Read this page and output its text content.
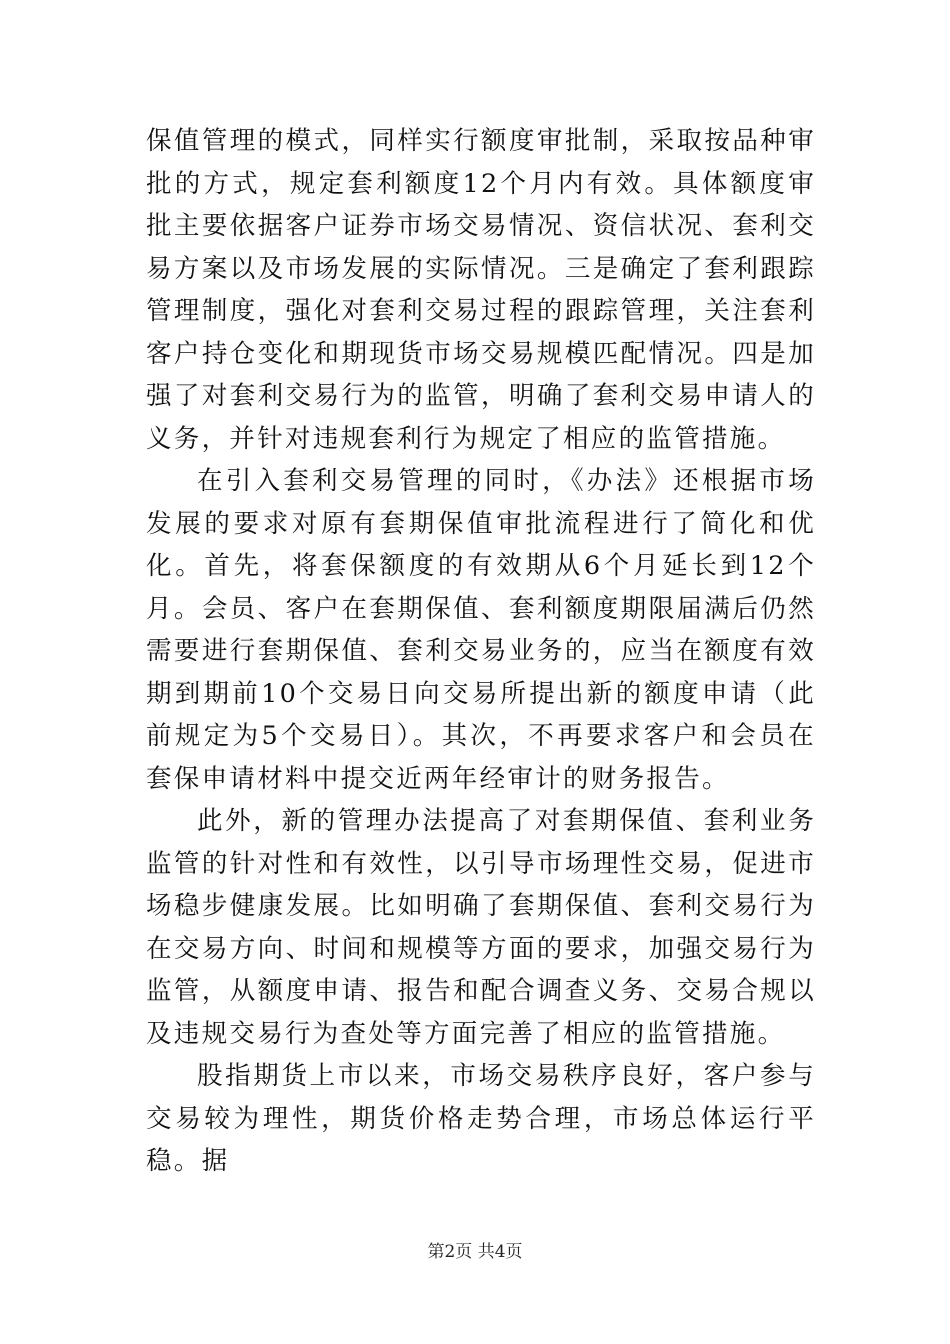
保值管理的模式，同样实行额度审批制，采取按品种审批的方式，规定套利额度12个月内有效。具体额度审批主要依据客户证券市场交易情况、资信状况、套利交易方案以及市场发展的实际情况。三是确定了套利跟踪管理制度，强化对套利交易过程的跟踪管理，关注套利客户持仓变化和期现货市场交易规模匹配情况。四是加强了对套利交易行为的监管，明确了套利交易申请人的义务，并针对违规套利行为规定了相应的监管措施。

在引入套利交易管理的同时，《办法》还根据市场发展的要求对原有套期保值审批流程进行了简化和优化。首先，将套保额度的有效期从6个月延长到12个月。会员、客户在套期保值、套利额度期限届满后仍然需要进行套期保值、套利交易业务的，应当在额度有效期到期前10个交易日向交易所提出新的额度申请（此前规定为5个交易日）。其次，不再要求客户和会员在套保申请材料中提交近两年经审计的财务报告。

此外，新的管理办法提高了对套期保值、套利业务监管的针对性和有效性，以引导市场理性交易，促进市场稳步健康发展。比如明确了套期保值、套利交易行为在交易方向、时间和规模等方面的要求，加强交易行为监管，从额度申请、报告和配合调查义务、交易合规以及违规交易行为查处等方面完善了相应的监管措施。

股指期货上市以来，市场交易秩序良好，客户参与交易较为理性，期货价格走势合理，市场总体运行平稳。据

第2页 共4页
